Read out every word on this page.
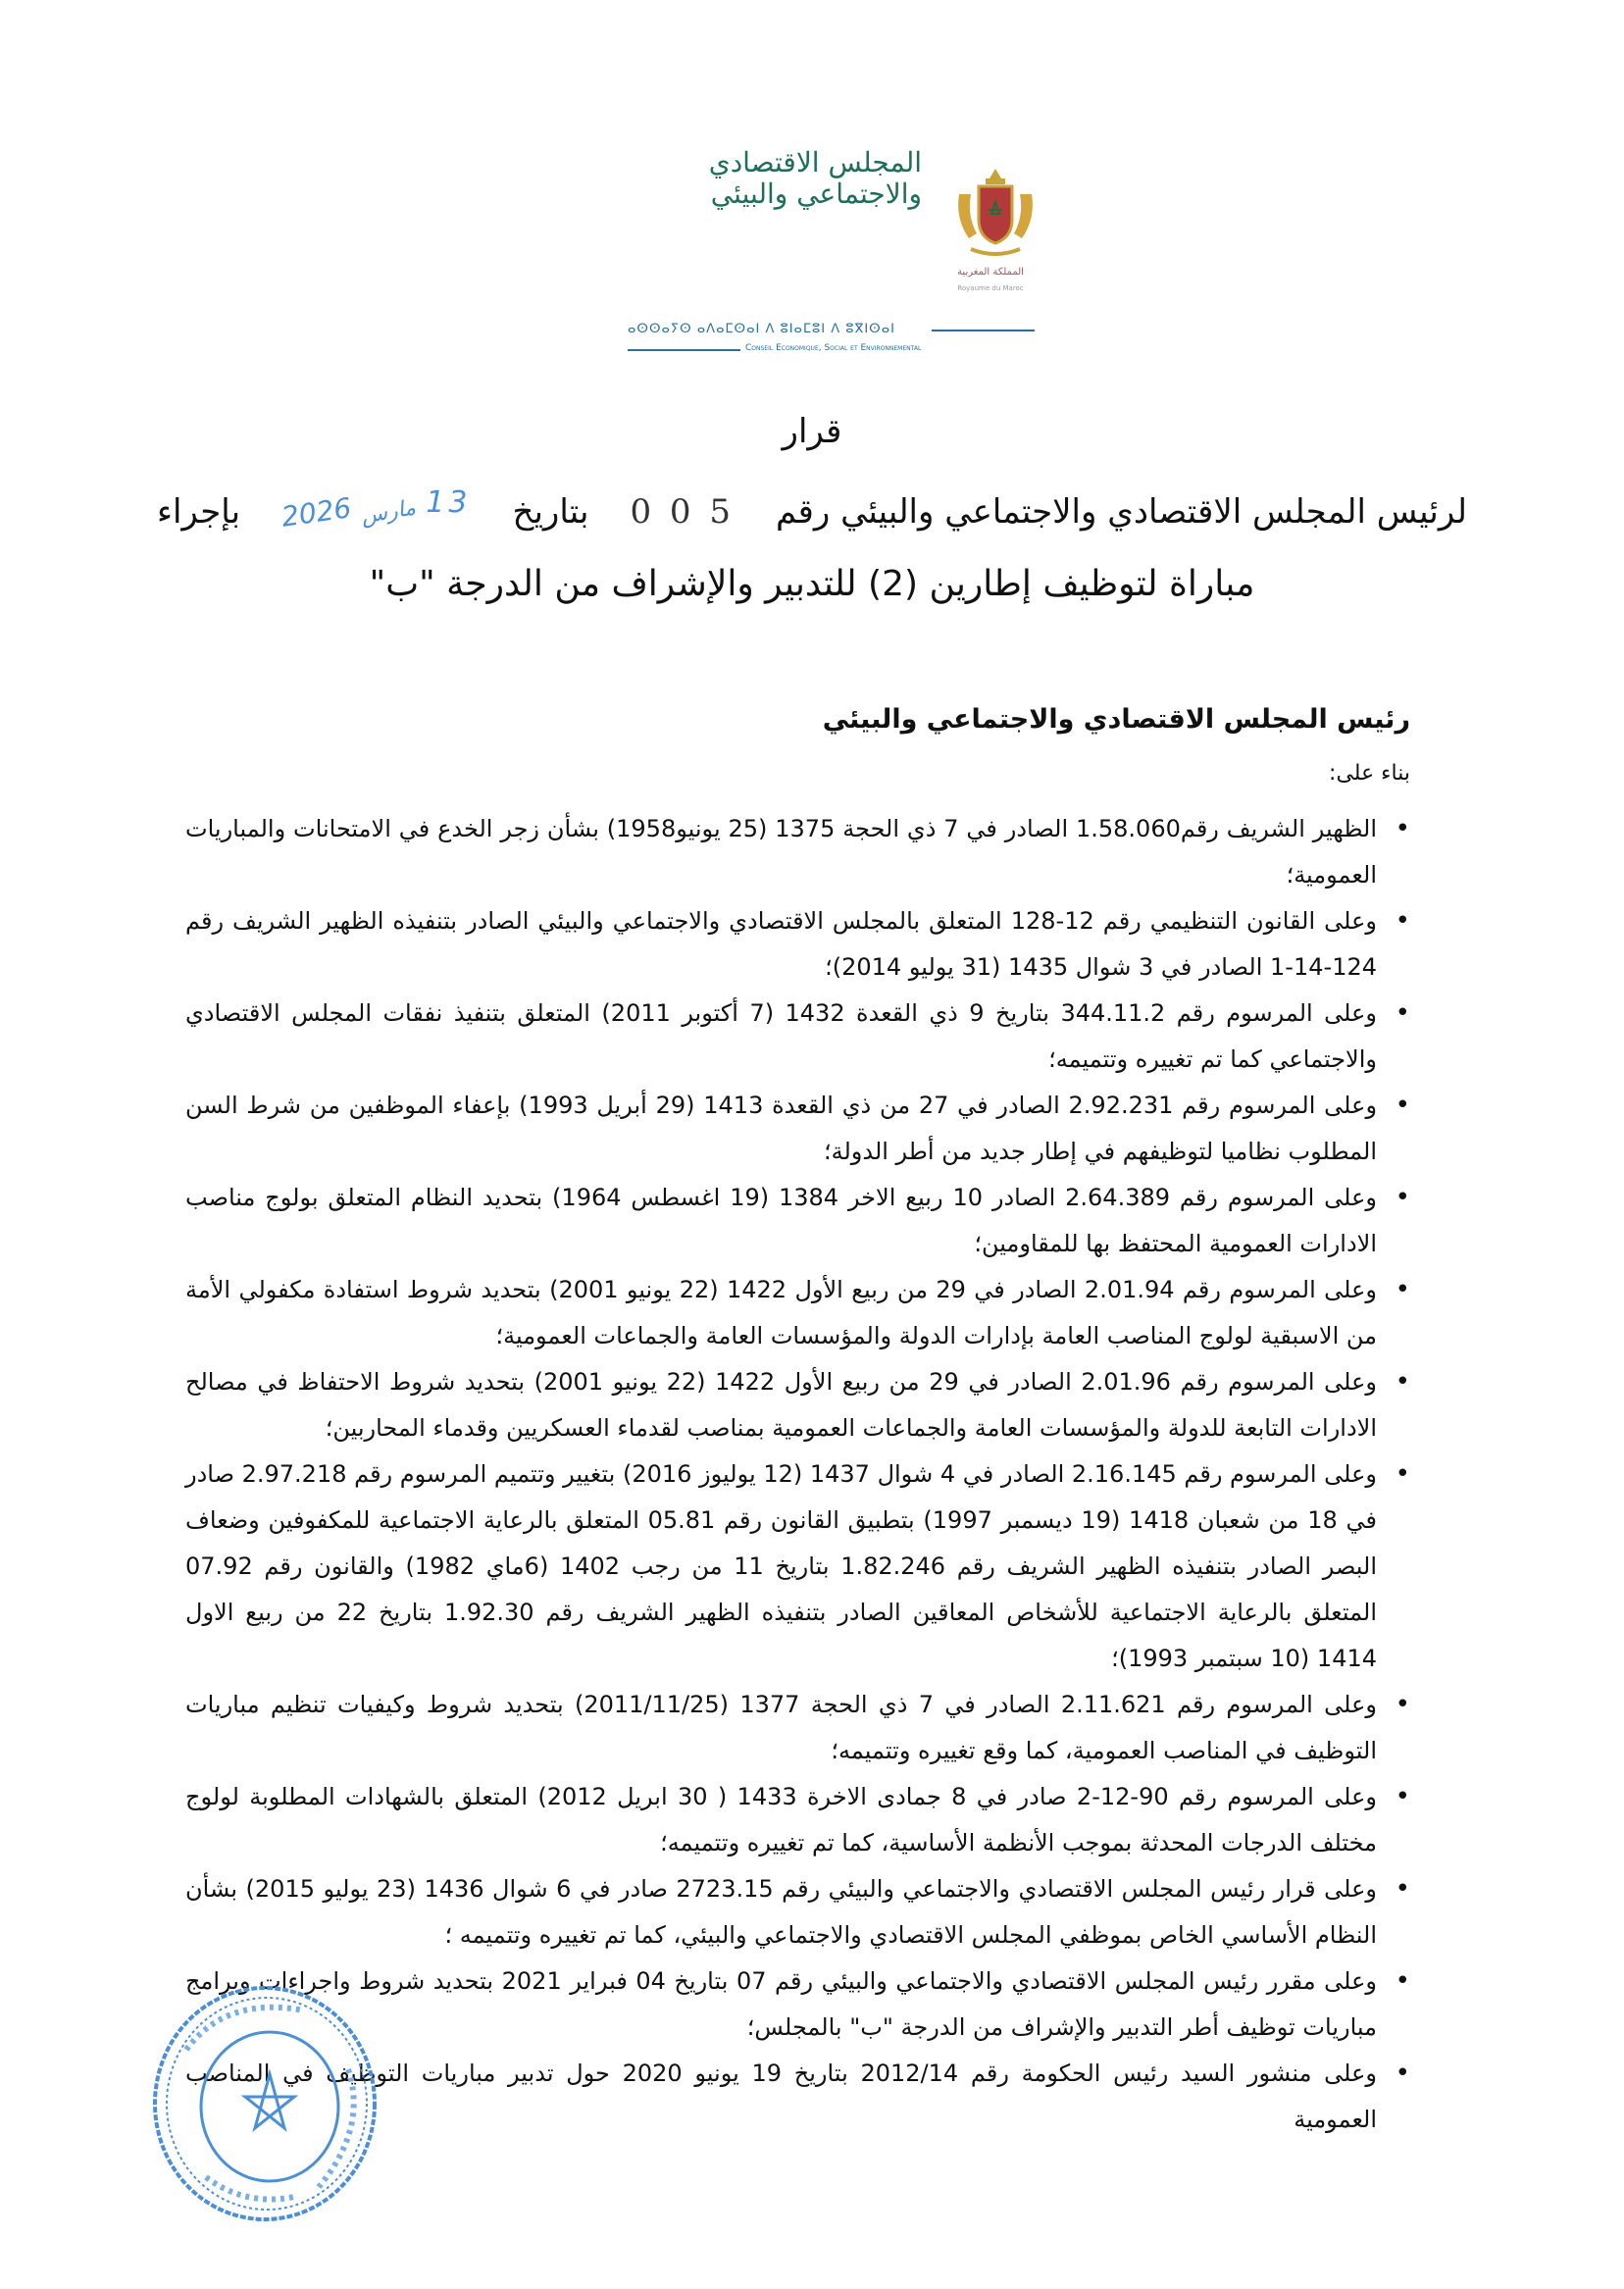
المجلس الاقتصادي والاجتماعي والبيئي
المملكة المغربية
Royaume du Maroc
ⴰⵙⵙⴰⵢⵙ ⴰⴷⴰⵎⵙⴰⵏ ⴷ ⵓⵏⴰⵎⵓⵏ ⴷ ⵓⴳⵏⵙⴰⵏ
Conseil Economique, Social et Environnemental
قرار
لرئيس المجلس الاقتصادي والاجتماعي والبيئي رقم
0 0 5
بتاريخ
2026 مارس 13
بإجراء
مباراة لتوظيف إطارين (2) للتدبير والإشراف من الدرجة "ب"
رئيس المجلس الاقتصادي والاجتماعي والبيئي
بناء على:
• الظهير الشريف رقم1.58.060 الصادر في 7 ذي الحجة 1375 (25 يونيو1958) بشأن زجر الخدع في الامتحانات والمباريات العمومية؛
• وعلى القانون التنظيمي رقم 12-128 المتعلق بالمجلس الاقتصادي والاجتماعي والبيئي الصادر بتنفيذه الظهير الشريف رقم 124-14-1 الصادر في 3 شوال 1435 (31 يوليو 2014)؛
• وعلى المرسوم رقم 344.11.2 بتاريخ 9 ذي القعدة 1432 (7 أكتوبر 2011) المتعلق بتنفيذ نفقات المجلس الاقتصادي والاجتماعي كما تم تغييره وتتميمه؛
• وعلى المرسوم رقم 2.92.231 الصادر في 27 من ذي القعدة 1413 (29 أبريل 1993) بإعفاء الموظفين من شرط السن المطلوب نظاميا لتوظيفهم في إطار جديد من أطر الدولة؛
• وعلى المرسوم رقم 2.64.389 الصادر 10 ربيع الاخر 1384 (19 اغسطس 1964) بتحديد النظام المتعلق بولوج مناصب الادارات العمومية المحتفظ بها للمقاومين؛
• وعلى المرسوم رقم 2.01.94 الصادر في 29 من ربيع الأول 1422 (22 يونيو 2001) بتحديد شروط استفادة مكفولي الأمة من الاسبقية لولوج المناصب العامة بإدارات الدولة والمؤسسات العامة والجماعات العمومية؛
• وعلى المرسوم رقم 2.01.96 الصادر في 29 من ربيع الأول 1422 (22 يونيو 2001) بتحديد شروط الاحتفاظ في مصالح الادارات التابعة للدولة والمؤسسات العامة والجماعات العمومية بمناصب لقدماء العسكريين وقدماء المحاربين؛
• وعلى المرسوم رقم 2.16.145 الصادر في 4 شوال 1437 (12 يوليوز 2016) بتغيير وتتميم المرسوم رقم 2.97.218 صادر في 18 من شعبان 1418 (19 ديسمبر 1997) بتطبيق القانون رقم 05.81 المتعلق بالرعاية الاجتماعية للمكفوفين وضعاف البصر الصادر بتنفيذه الظهير الشريف رقم 1.82.246 بتاريخ 11 من رجب 1402 (6ماي 1982) والقانون رقم 07.92 المتعلق بالرعاية الاجتماعية للأشخاص المعاقين الصادر بتنفيذه الظهير الشريف رقم 1.92.30 بتاريخ 22 من ربيع الاول 1414 (10 سبتمبر 1993)؛
• وعلى المرسوم رقم 2.11.621 الصادر في 7 ذي الحجة 1377 (2011/11/25) بتحديد شروط وكيفيات تنظيم مباريات التوظيف في المناصب العمومية، كما وقع تغييره وتتميمه؛
• وعلى المرسوم رقم 90-12-2 صادر في 8 جمادى الاخرة 1433 ( 30 ابريل 2012) المتعلق بالشهادات المطلوبة لولوج مختلف الدرجات المحدثة بموجب الأنظمة الأساسية، كما تم تغييره وتتميمه؛
• وعلى قرار رئيس المجلس الاقتصادي والاجتماعي والبيئي رقم 2723.15 صادر في 6 شوال 1436 (23 يوليو 2015) بشأن النظام الأساسي الخاص بموظفي المجلس الاقتصادي والاجتماعي والبيئي، كما تم تغييره وتتميمه ؛
• وعلى مقرر رئيس المجلس الاقتصادي والاجتماعي والبيئي رقم 07 بتاريخ 04 فبراير 2021 بتحديد شروط واجراءات وبرامج مباريات توظيف أطر التدبير والإشراف من الدرجة "ب" بالمجلس؛
• وعلى منشور السيد رئيس الحكومة رقم 2012/14 بتاريخ 19 يونيو 2020 حول تدبير مباريات التوظيف في المناصب العمومية
